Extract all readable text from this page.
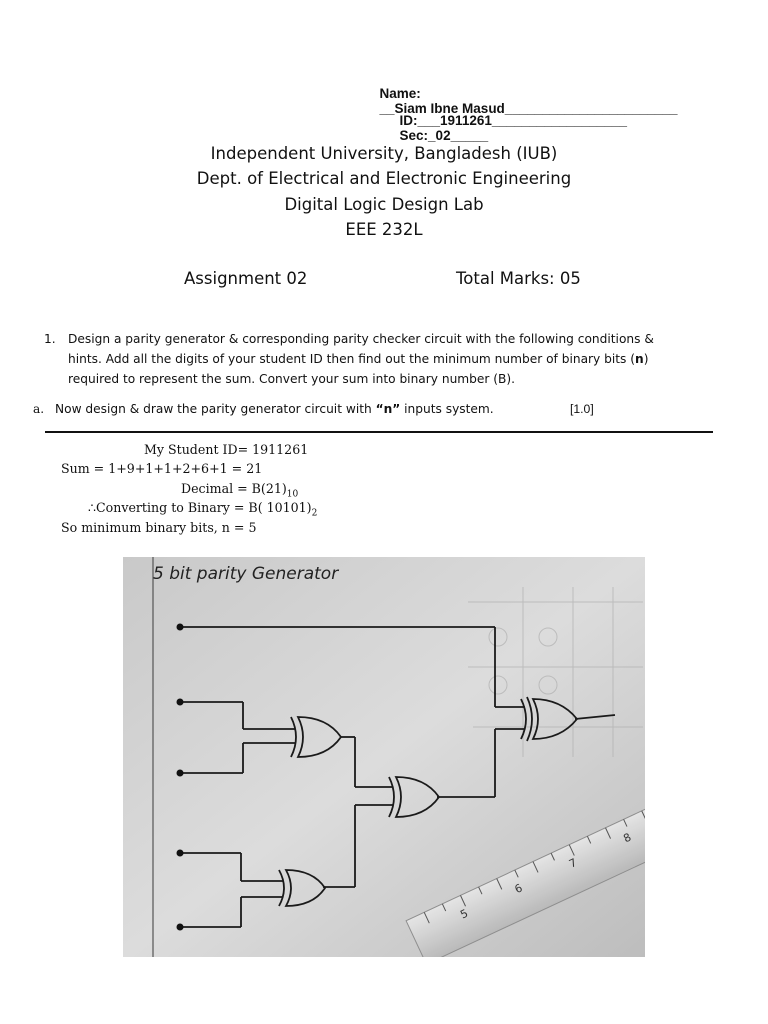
Name:
__Siam Ibne Masud_______________________

ID:___1911261__________________
Sec:_02_____

Independent University, Bangladesh (IUB)
Dept. of Electrical and Electronic Engineering
Digital Logic Design Lab
EEE 232L
Assignment 02	Total Marks: 05
1. Design a parity generator & corresponding parity checker circuit with the following conditions & hints. Add all the digits of your student ID then find out the minimum number of binary bits (n) required to represent the sum. Convert your sum into binary number (B).
a. Now design & draw the parity generator circuit with “n” inputs system.	[1.0]
My Student ID= 1911261
Sum = 1+9+1+1+2+6+1 = 21
Decimal = $B(21)_{10}$
∴Converting to Binary = B( $10101)_2$
So minimum binary bits, n = 5
5 bit parity Generator
8
7
6
5
